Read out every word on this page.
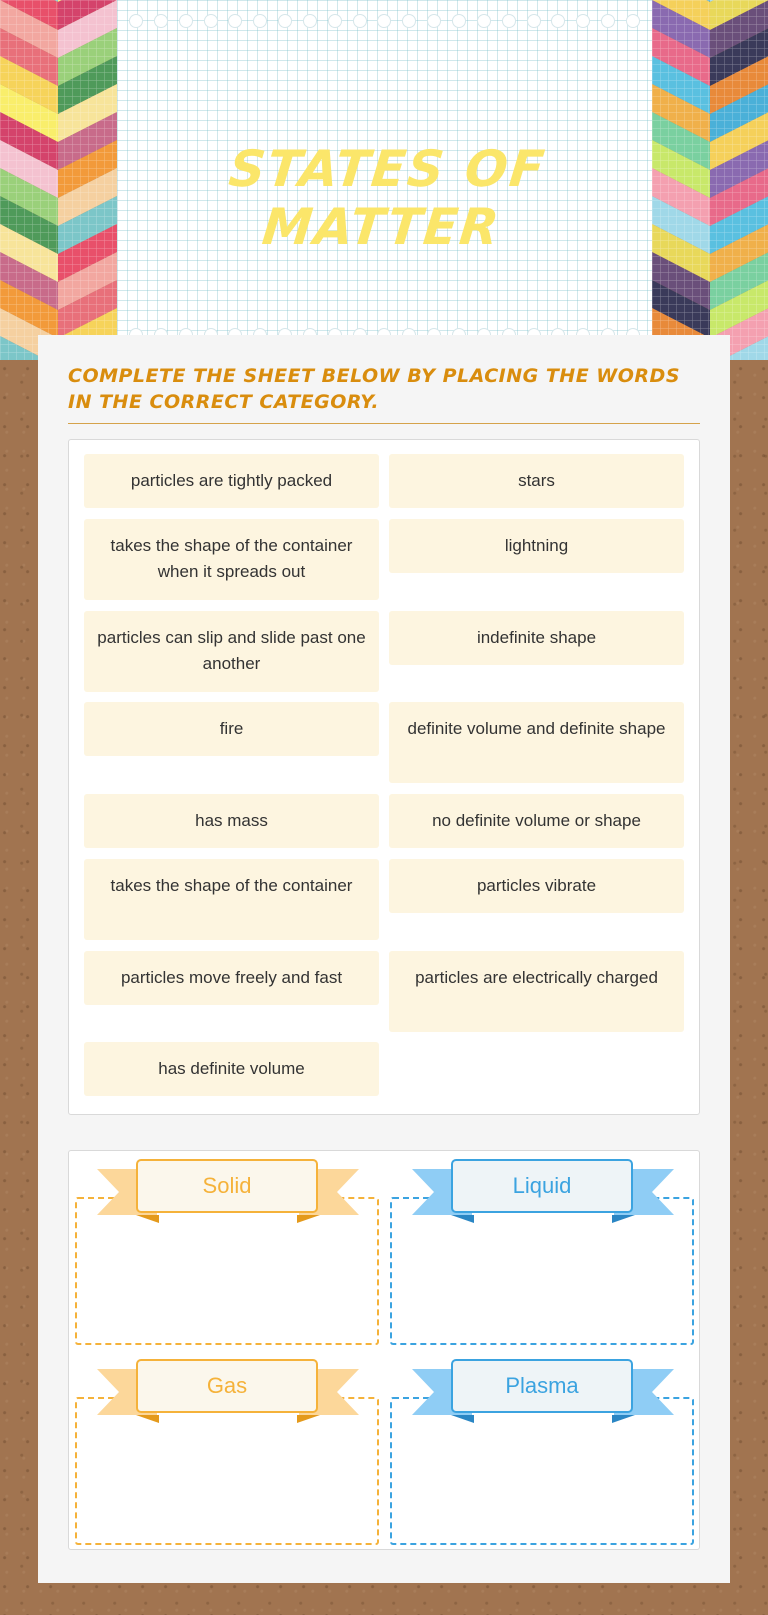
STATES OF MATTER
COMPLETE THE SHEET BELOW BY PLACING THE WORDS IN THE CORRECT CATEGORY.
particles are tightly packed	stars
takes the shape of the container when it spreads out
lightning
particles can slip and slide past one another
indefinite shape
fire	definite volume and definite shape
has mass	no definite volume or shape
takes the shape of the container	particles vibrate
particles move freely and fast	particles are electrically charged
has definite volume
Solid	Liquid
Gas	Plasma
